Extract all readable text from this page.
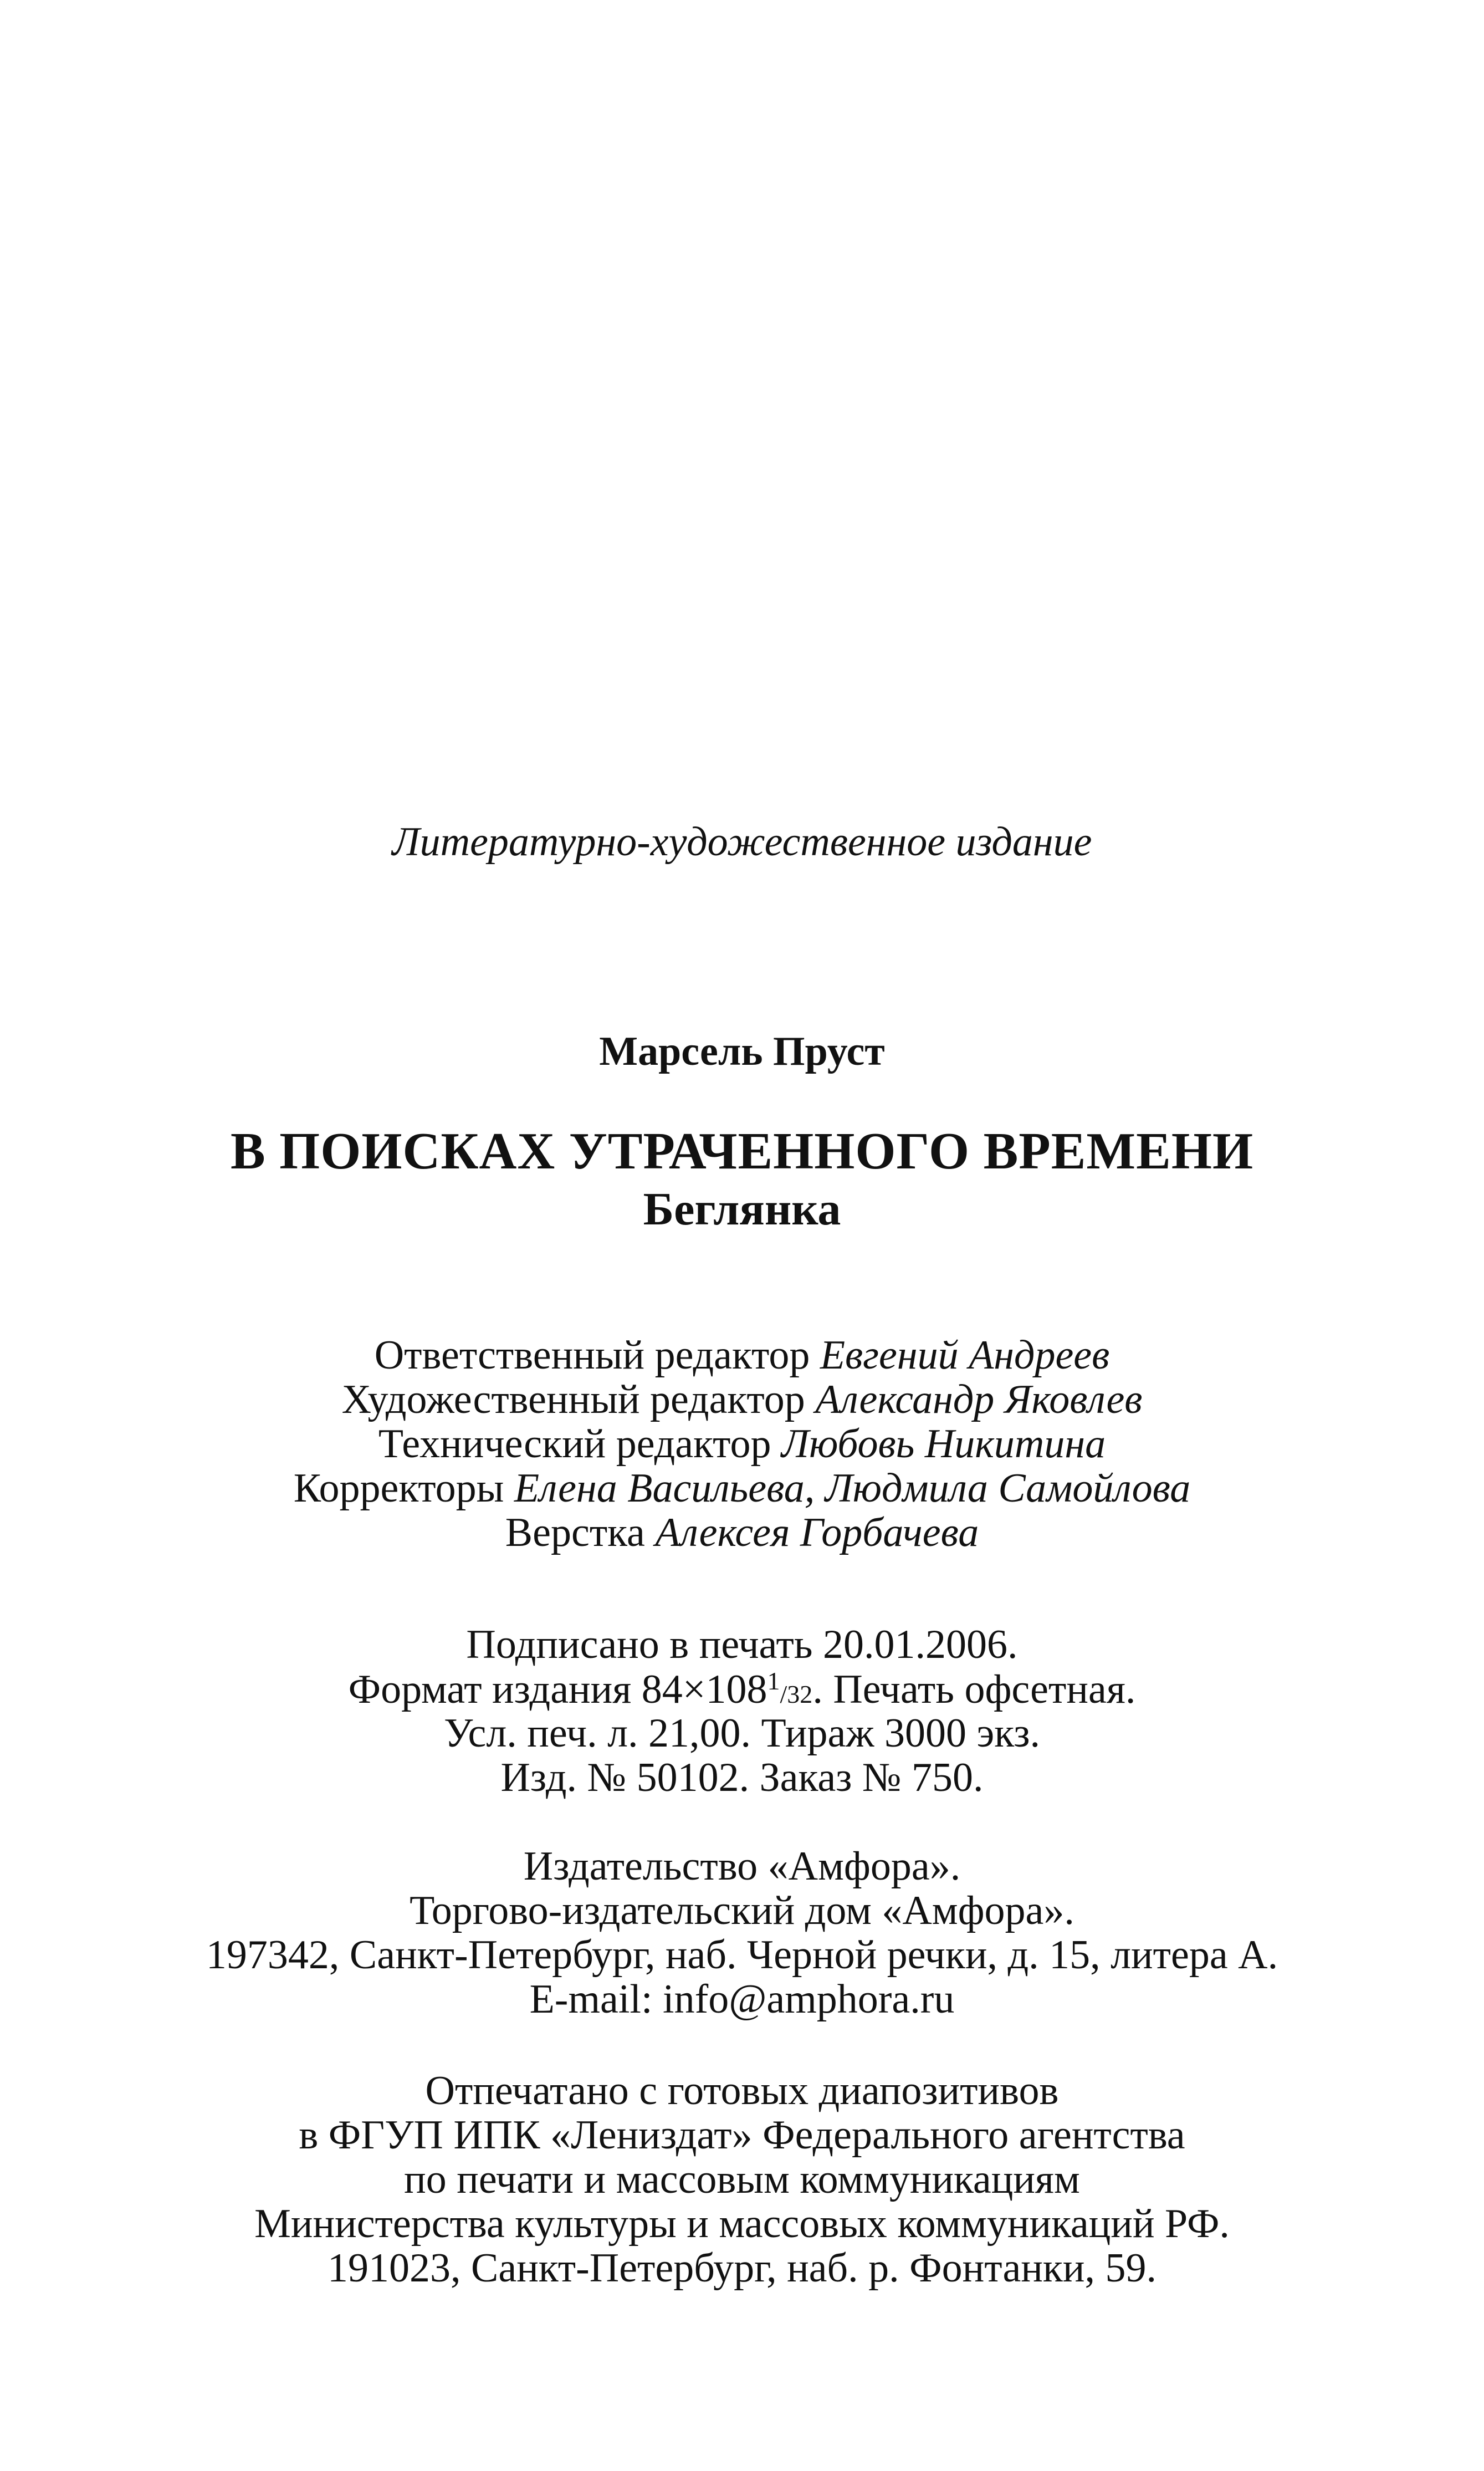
Литературно-художественное издание
Марсель Пруст
В ПОИСКАХ УТРАЧЕННОГО ВРЕМЕНИ
Беглянка
Ответственный редактор Евгений Андреев
Художественный редактор Александр Яковлев
Технический редактор Любовь Никитина
Корректоры Елена Васильева, Людмила Самойлова
Верстка Алексея Горбачева
Подписано в печать 20.01.2006.
Формат издания $84\times 108^1/32$. Печать офсетная.
Усл. печ. л. 21,00. Тираж 3000 экз.
Изд. № 50102. Заказ № 750.
Издательство «Амфора».
Торгово-издательский дом «Амфора».
197342, Санкт-Петербург, наб. Черной речки, д. 15, литера А.
E-mail: info@amphora.ru
Отпечатано с готовых диапозитивов
в ФГУП ИПК «Лениздат» Федерального агентства
по печати и массовым коммуникациям
Министерства культуры и массовых коммуникаций РФ.
191023, Санкт-Петербург, наб. р. Фонтанки, 59.
